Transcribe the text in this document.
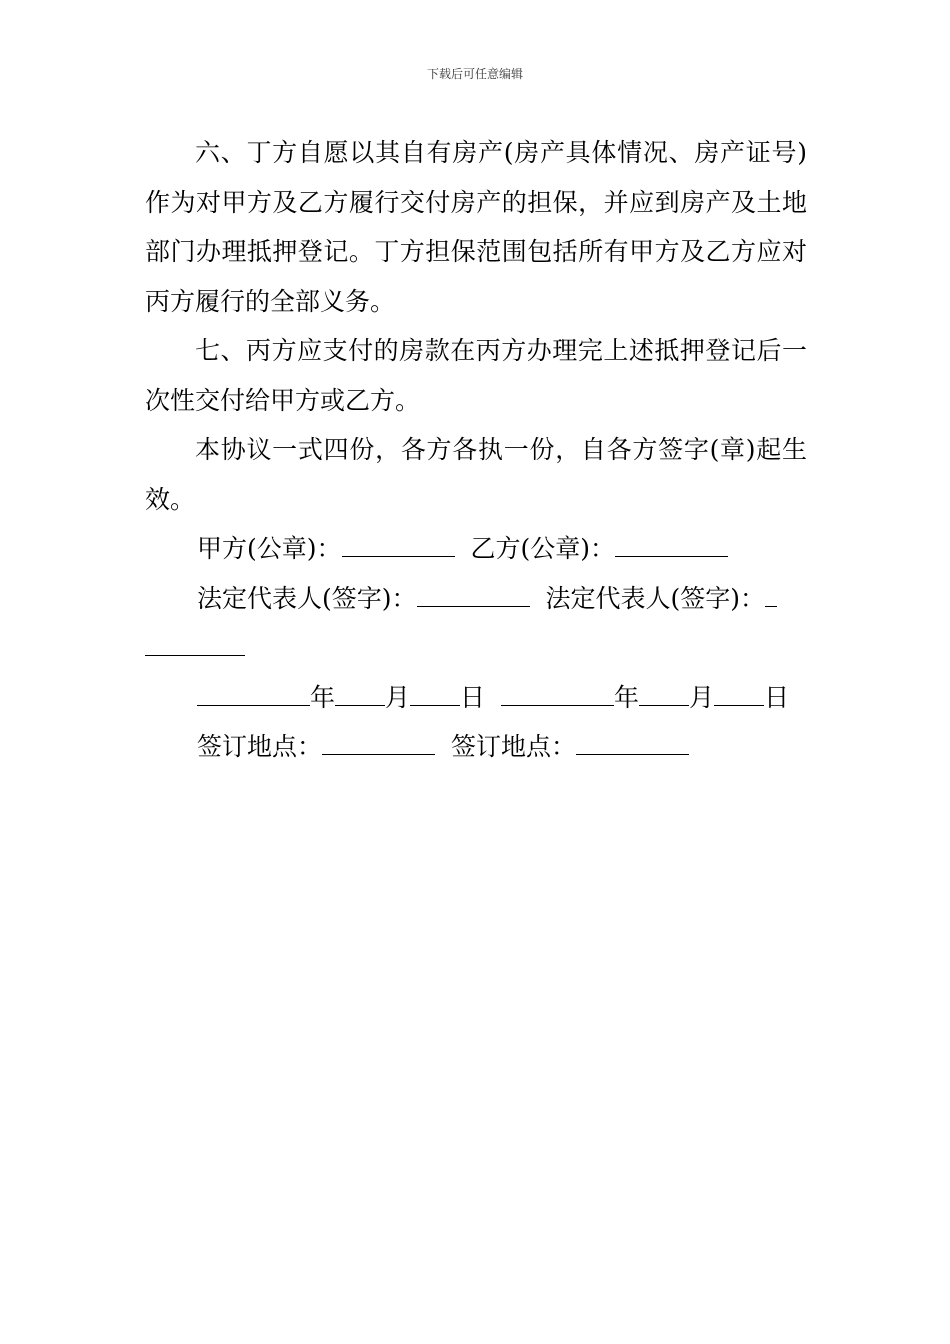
下载后可任意编辑

六、丁方自愿以其自有房产(房产具体情况、房产证号)作为对甲方及乙方履行交付房产的担保，并应到房产及土地部门办理抵押登记。丁方担保范围包括所有甲方及乙方应对丙方履行的全部义务。

七、丙方应支付的房款在丙方办理完上述抵押登记后一次性交付给甲方或乙方。

本协议一式四份，各方各执一份，自各方签字(章)起生效。

甲方(公章)：	乙方(公章)：
法定代表人(签字)：	法定代表人(签字)：
年 月 日	年 月 日
签订地点：	签订地点：
